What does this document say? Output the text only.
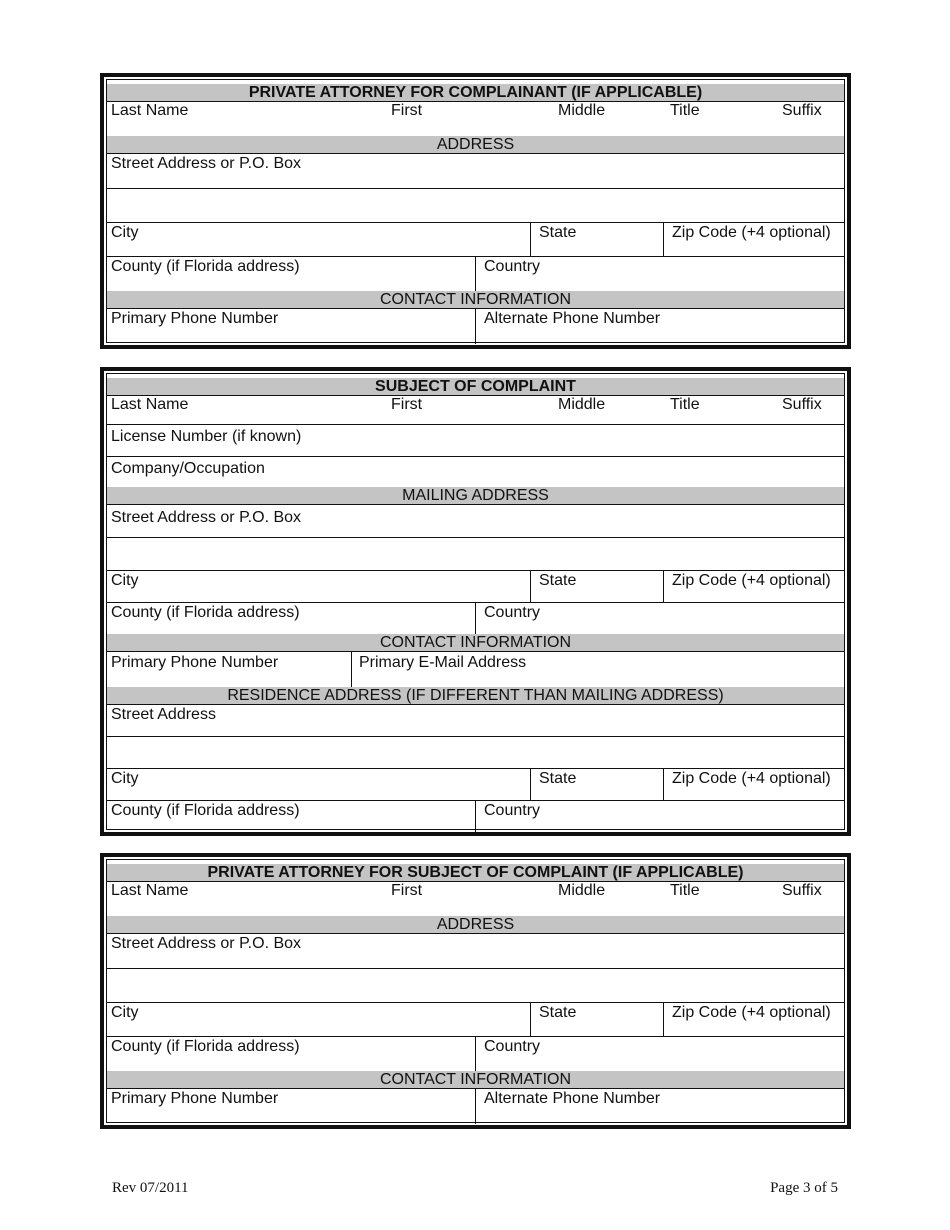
PRIVATE ATTORNEY FOR COMPLAINANT (IF APPLICABLE)
Last Name	First	Middle	Title	Suffix
ADDRESS
Street Address or P.O. Box
City	State	Zip Code (+4 optional)
County (if Florida address)	Country
CONTACT INFORMATION
Primary Phone Number	Alternate Phone Number
SUBJECT OF COMPLAINT
Last Name	First	Middle	Title	Suffix
License Number (if known)
Company/Occupation
MAILING ADDRESS
Street Address or P.O. Box
City	State	Zip Code (+4 optional)
County (if Florida address)	Country
CONTACT INFORMATION
Primary Phone Number	Primary E-Mail Address
RESIDENCE ADDRESS (IF DIFFERENT THAN MAILING ADDRESS)
Street Address
City	State	Zip Code (+4 optional)
County (if Florida address)	Country
PRIVATE ATTORNEY FOR SUBJECT OF COMPLAINT (IF APPLICABLE)
Last Name	First	Middle	Title	Suffix
ADDRESS
Street Address or P.O. Box
City	State	Zip Code (+4 optional)
County (if Florida address)	Country
CONTACT INFORMATION
Primary Phone Number	Alternate Phone Number
Rev 07/2011	Page 3 of 5
